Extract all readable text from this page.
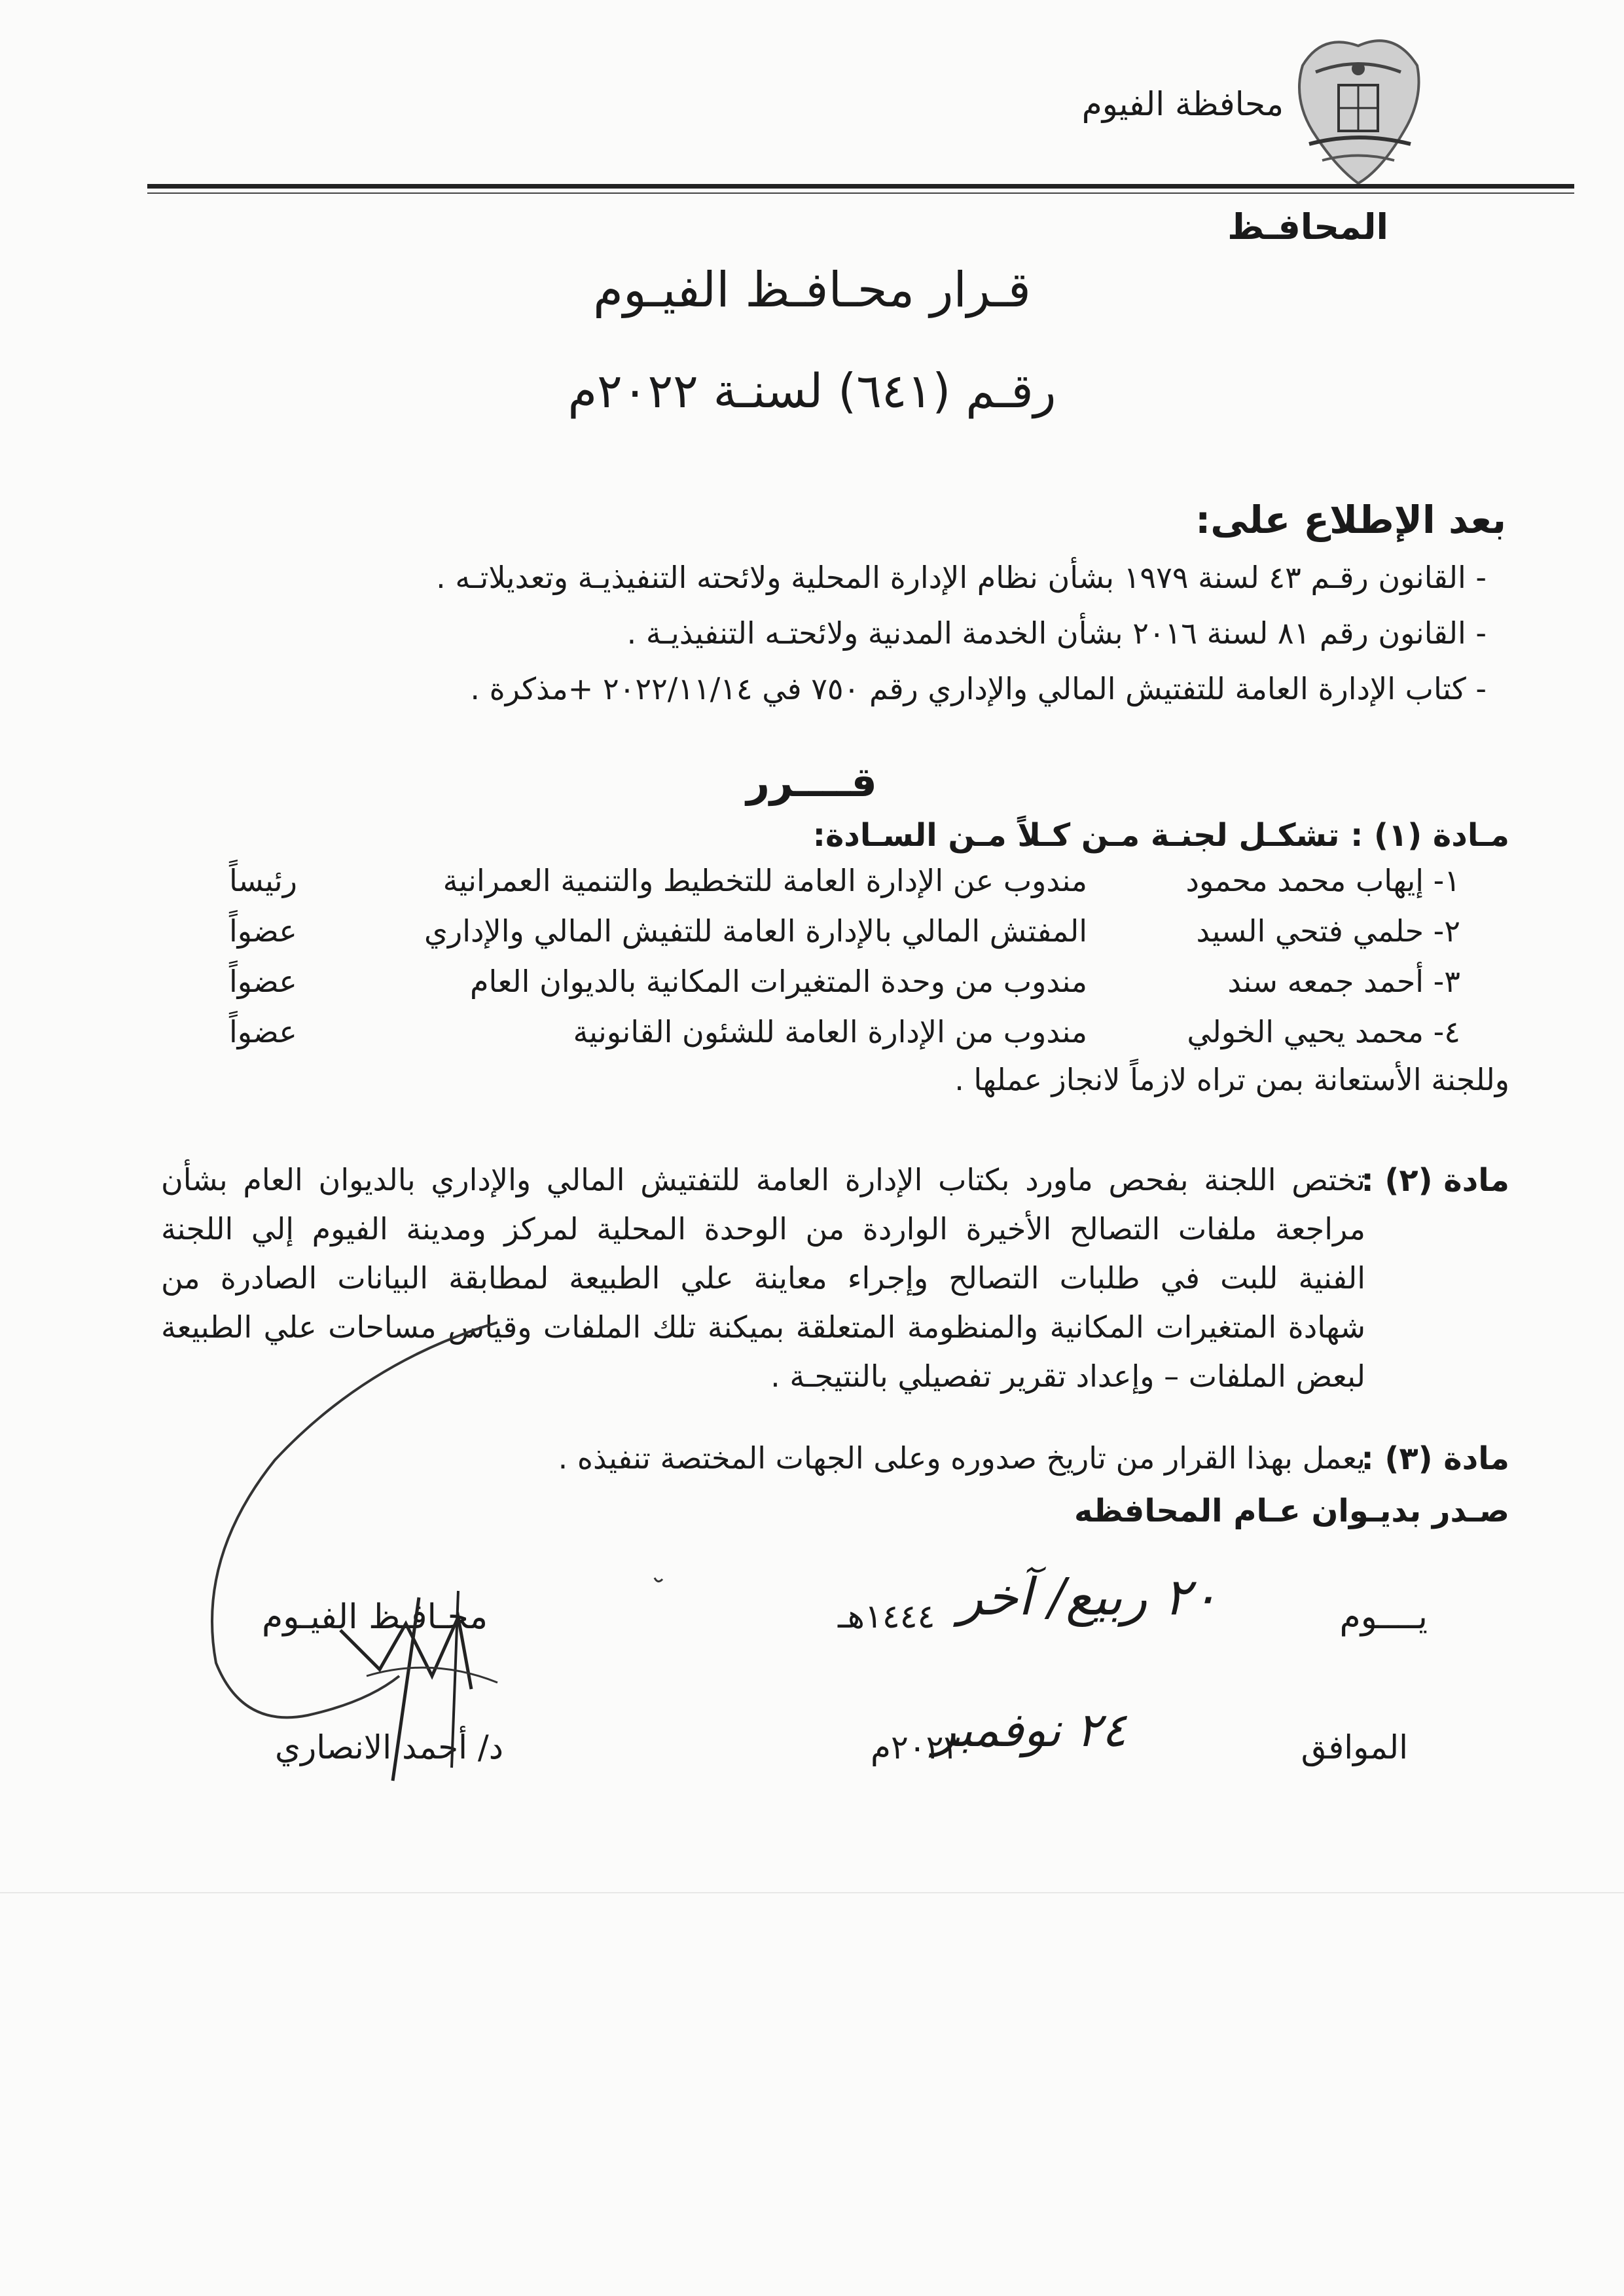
محافظة الفيوم
المحافـظ
قـرار محـافـظ الفيـوم
رقـم (٦٤١) لسنـة ٢٠٢٢م
بعد الإطلاع على:
- القانون رقـم ٤٣ لسنة ١٩٧٩ بشأن نظام الإدارة المحلية ولائحته التنفيذيـة وتعديلاتـه .
- القانون رقم ٨١ لسنة ٢٠١٦ بشأن الخدمة المدنية ولائحتـه التنفيذيـة .
- كتاب الإدارة العامة للتفتيش المالي والإداري رقم ٧٥٠ في ٢٠٢٢/١١/١٤ +مذكرة .
قــــرر
مـادة (١) : تشكـل لجنـة مـن كـلاً مـن السـادة:
١- إيهاب محمد محمود
مندوب عن الإدارة العامة للتخطيط والتنمية العمرانية
رئيساً
٢- حلمي فتحي السيد
المفتش المالي بالإدارة العامة للتفيش المالي والإداري
عضواً
٣- أحمد جمعه سند
مندوب من وحدة المتغيرات المكانية بالديوان العام
عضواً
٤- محمد يحيي الخولي
مندوب من الإدارة العامة للشئون القانونية
عضواً
وللجنة الأستعانة بمن تراه لازماً لانجاز عملها .
مادة (٢) :
تختص اللجنة بفحص ماورد بكتاب الإدارة العامة للتفتيش المالي والإداري بالديوان العام بشأن
مراجعة ملفات التصالح الأخيرة الواردة من الوحدة المحلية لمركز ومدينة الفيوم إلي اللجنة
الفنية للبت في طلبات التصالح وإجراء معاينة علي الطبيعة لمطابقة البيانات الصادرة من
شهادة المتغيرات المكانية والمنظومة المتعلقة بميكنة تلك الملفات وقياس مساحات علي الطبيعة
لبعض الملفات – وإعداد تقرير تفصيلي بالنتيجـة .
مادة (٣) :
يعمل بهذا القرار من تاريخ صدوره وعلى الجهات المختصة تنفيذه .
صـدر بديـوان عـام المحافظه
يــــوم
٢٠ ربيع/ آخر
١٤٤٤هـ
الموافق
٢٤ نوفمبر
٢٠٢٢م
محـافـظ الفيـوم
د/ أحمد الانصاري
